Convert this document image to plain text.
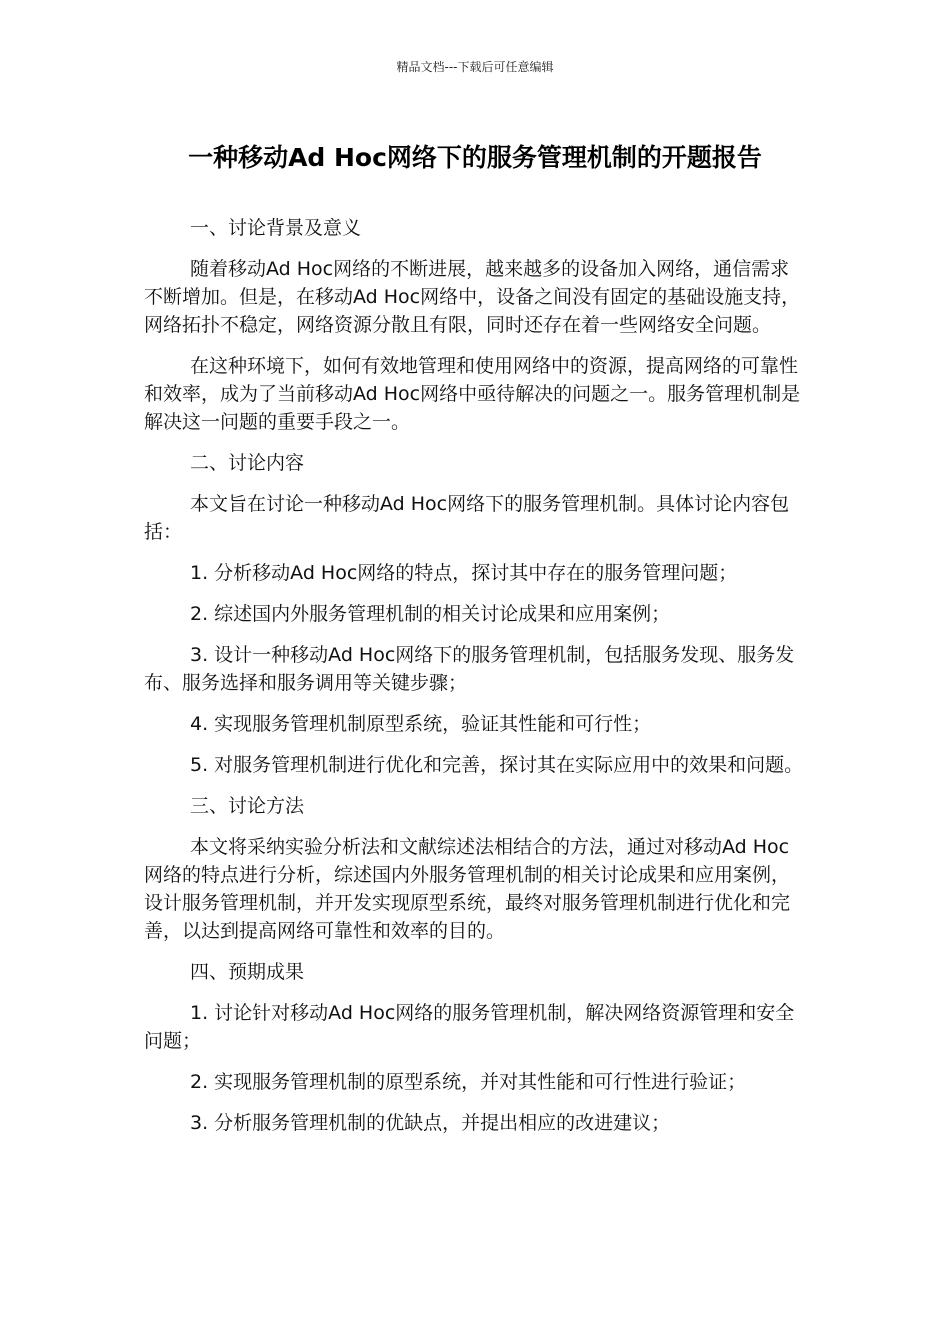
精品文档---下载后可任意编辑
一种移动Ad Hoc网络下的服务管理机制的开题报告

一、讨论背景及意义

随着移动Ad Hoc网络的不断进展，越来越多的设备加入网络，通信需求不断增加。但是，在移动Ad Hoc网络中，设备之间没有固定的基础设施支持，网络拓扑不稳定，网络资源分散且有限，同时还存在着一些网络安全问题。

在这种环境下，如何有效地管理和使用网络中的资源，提高网络的可靠性和效率，成为了当前移动Ad Hoc网络中亟待解决的问题之一。服务管理机制是解决这一问题的重要手段之一。

二、讨论内容

本文旨在讨论一种移动Ad Hoc网络下的服务管理机制。具体讨论内容包括：

1. 分析移动Ad Hoc网络的特点，探讨其中存在的服务管理问题；

2. 综述国内外服务管理机制的相关讨论成果和应用案例；

3. 设计一种移动Ad Hoc网络下的服务管理机制，包括服务发现、服务发布、服务选择和服务调用等关键步骤；

4. 实现服务管理机制原型系统，验证其性能和可行性；

5. 对服务管理机制进行优化和完善，探讨其在实际应用中的效果和问题。

三、讨论方法

本文将采纳实验分析法和文献综述法相结合的方法，通过对移动Ad Hoc网络的特点进行分析，综述国内外服务管理机制的相关讨论成果和应用案例，设计服务管理机制，并开发实现原型系统，最终对服务管理机制进行优化和完善，以达到提高网络可靠性和效率的目的。

四、预期成果

1. 讨论针对移动Ad Hoc网络的服务管理机制，解决网络资源管理和安全问题；

2. 实现服务管理机制的原型系统，并对其性能和可行性进行验证；

3. 分析服务管理机制的优缺点，并提出相应的改进建议；
